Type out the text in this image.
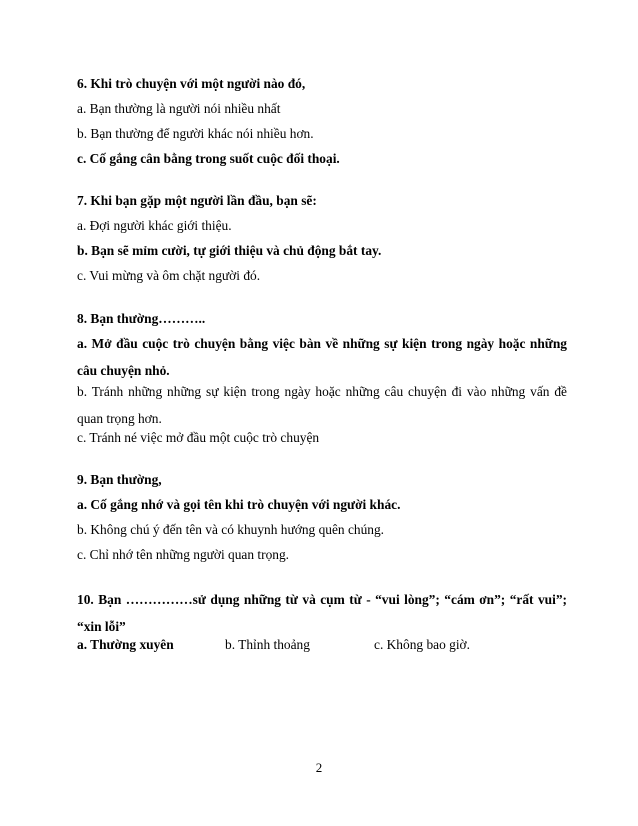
6. Khi trò chuyện với một người nào đó,
a. Bạn thường là người nói nhiều nhất
b. Bạn thường để người khác nói nhiều hơn.
c. Cố gắng cân bằng trong suốt cuộc đối thoại.
7. Khi bạn gặp một người lần đầu, bạn sẽ:
a. Đợi người khác giới thiệu.
b. Bạn sẽ mỉm cười, tự giới thiệu và chủ động bắt tay.
c. Vui mừng và ôm chặt người đó.
8. Bạn thường………..
a. Mở đầu cuộc trò chuyện bằng việc bàn về những sự kiện trong ngày hoặc những câu chuyện nhỏ.
b. Tránh những những sự kiện trong ngày hoặc những câu chuyện đi vào những vấn đề quan trọng hơn.
c. Tránh né việc mở đầu một cuộc trò chuyện
9. Bạn thường,
a. Cố gắng nhớ và gọi tên khi trò chuyện với người khác.
b. Không chú ý đến tên và có khuynh hướng quên chúng.
c. Chỉ nhớ tên những người quan trọng.
10. Bạn ……………sử dụng những từ và cụm từ - “vui lòng”; “cám ơn”; “rất vui”; “xin lỗi”
a. Thường xuyên	b. Thỉnh thoảng	c. Không bao giờ.
2
